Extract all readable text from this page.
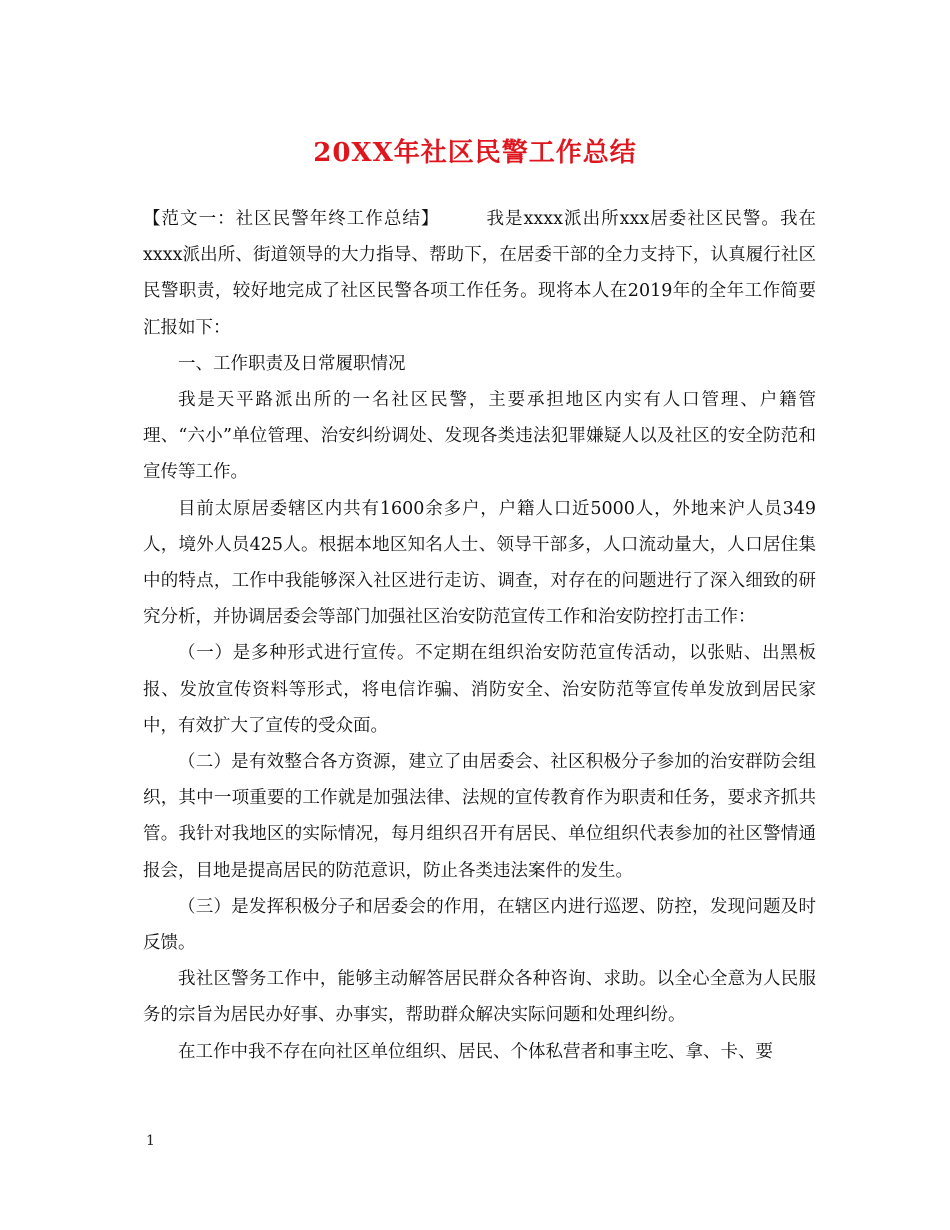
20XX年社区民警工作总结

【范文一：社区民警年终工作总结】	我是xxxx派出所xxx居委社区民警。我在xxxx派出所、街道领导的大力指导、帮助下，在居委干部的全力支持下，认真履行社区民警职责，较好地完成了社区民警各项工作任务。现将本人在2019年的全年工作简要汇报如下：

一、工作职责及日常履职情况

我是天平路派出所的一名社区民警，主要承担地区内实有人口管理、户籍管理、“六小”单位管理、治安纠纷调处、发现各类违法犯罪嫌疑人以及社区的安全防范和宣传等工作。

目前太原居委辖区内共有1600余多户，户籍人口近5000人，外地来沪人员349人，境外人员425人。根据本地区知名人士、领导干部多，人口流动量大，人口居住集中的特点，工作中我能够深入社区进行走访、调查，对存在的问题进行了深入细致的研究分析，并协调居委会等部门加强社区治安防范宣传工作和治安防控打击工作：

（一）是多种形式进行宣传。不定期在组织治安防范宣传活动，以张贴、出黑板报、发放宣传资料等形式，将电信诈骗、消防安全、治安防范等宣传单发放到居民家中，有效扩大了宣传的受众面。

（二）是有效整合各方资源，建立了由居委会、社区积极分子参加的治安群防会组织，其中一项重要的工作就是加强法律、法规的宣传教育作为职责和任务，要求齐抓共管。我针对我地区的实际情况，每月组织召开有居民、单位组织代表参加的社区警情通报会，目地是提高居民的防范意识，防止各类违法案件的发生。

（三）是发挥积极分子和居委会的作用，在辖区内进行巡逻、防控，发现问题及时反馈。

我社区警务工作中，能够主动解答居民群众各种咨询、求助。以全心全意为人民服务的宗旨为居民办好事、办事实，帮助群众解决实际问题和处理纠纷。

在工作中我不存在向社区单位组织、居民、个体私营者和事主吃、拿、卡、要

1
